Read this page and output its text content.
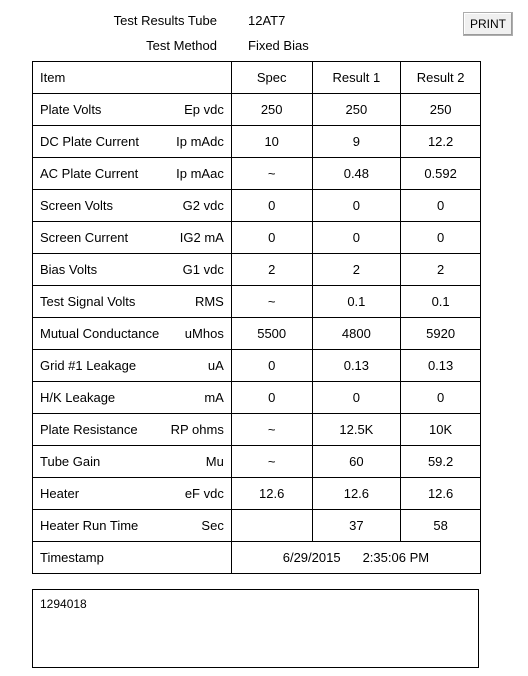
Test Results Tube 12AT7
Test Method Fixed Bias
PRINT
Item	Spec	Result 1	Result 2

Plate Volts Ep vdc	250	250	250

DC Plate Current Ip mAdc	10	9	12.2

AC Plate Current Ip mAac	~	0.48	0.592

Screen Volts G2 vdc	0	0	0

Screen Current IG2 mA	0	0	0

Bias Volts G1 vdc	2	2	2

Test Signal Volts RMS	~	0.1	0.1

Mutual Conductance uMhos	5500	4800	5920

Grid #1 Leakage uA	0	0.13	0.13

H/K Leakage mA	0	0	0

Plate Resistance RP ohms	~	12.5K	10K

Tube Gain Mu	~	60	59.2

Heater eF vdc	12.6	12.6	12.6

Heater Run Time Sec		37	58

Timestamp	6/29/2015 2:35:06 PM		
1294018
